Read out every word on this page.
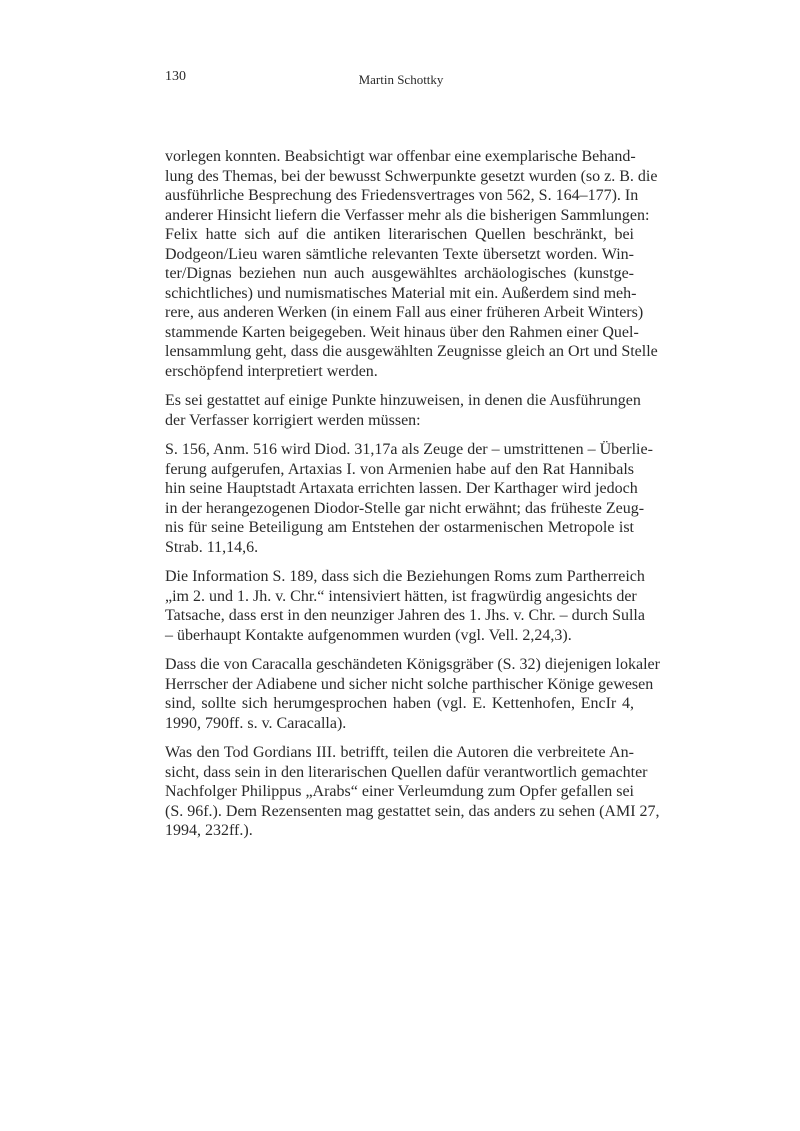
130	Martin Schottky
vorlegen konnten. Beabsichtigt war offenbar eine exemplarische Behand-
lung des Themas, bei der bewusst Schwerpunkte gesetzt wurden (so z. B. die
ausführliche Besprechung des Friedensvertrages von 562, S. 164–177). In
anderer Hinsicht liefern die Verfasser mehr als die bisherigen Sammlungen:
Felix hatte sich auf die antiken literarischen Quellen beschränkt, bei
Dodgeon/Lieu waren sämtliche relevanten Texte übersetzt worden. Win-
ter/Dignas beziehen nun auch ausgewähltes archäologisches (kunstge-
schichtliches) und numismatisches Material mit ein. Außerdem sind meh-
rere, aus anderen Werken (in einem Fall aus einer früheren Arbeit Winters)
stammende Karten beigegeben. Weit hinaus über den Rahmen einer Quel-
lensammlung geht, dass die ausgewählten Zeugnisse gleich an Ort und Stelle
erschöpfend interpretiert werden.
Es sei gestattet auf einige Punkte hinzuweisen, in denen die Ausführungen
der Verfasser korrigiert werden müssen:
S. 156, Anm. 516 wird Diod. 31,17a als Zeuge der – umstrittenen – Überlie-
ferung aufgerufen, Artaxias I. von Armenien habe auf den Rat Hannibals
hin seine Hauptstadt Artaxata errichten lassen. Der Karthager wird jedoch
in der herangezogenen Diodor-Stelle gar nicht erwähnt; das früheste Zeug-
nis für seine Beteiligung am Entstehen der ostarmenischen Metropole ist
Strab. 11,14,6.
Die Information S. 189, dass sich die Beziehungen Roms zum Partherreich
„im 2. und 1. Jh. v. Chr.“ intensiviert hätten, ist fragwürdig angesichts der
Tatsache, dass erst in den neunziger Jahren des 1. Jhs. v. Chr. – durch Sulla
– überhaupt Kontakte aufgenommen wurden (vgl. Vell. 2,24,3).
Dass die von Caracalla geschändeten Königsgräber (S. 32) diejenigen lokaler
Herrscher der Adiabene und sicher nicht solche parthischer Könige gewesen
sind, sollte sich herumgesprochen haben (vgl. E. Kettenhofen, EncIr 4,
1990, 790ff. s. v. Caracalla).
Was den Tod Gordians III. betrifft, teilen die Autoren die verbreitete An-
sicht, dass sein in den literarischen Quellen dafür verantwortlich gemachter
Nachfolger Philippus „Arabs“ einer Verleumdung zum Opfer gefallen sei
(S. 96f.). Dem Rezensenten mag gestattet sein, das anders zu sehen (AMI 27,
1994, 232ff.).
